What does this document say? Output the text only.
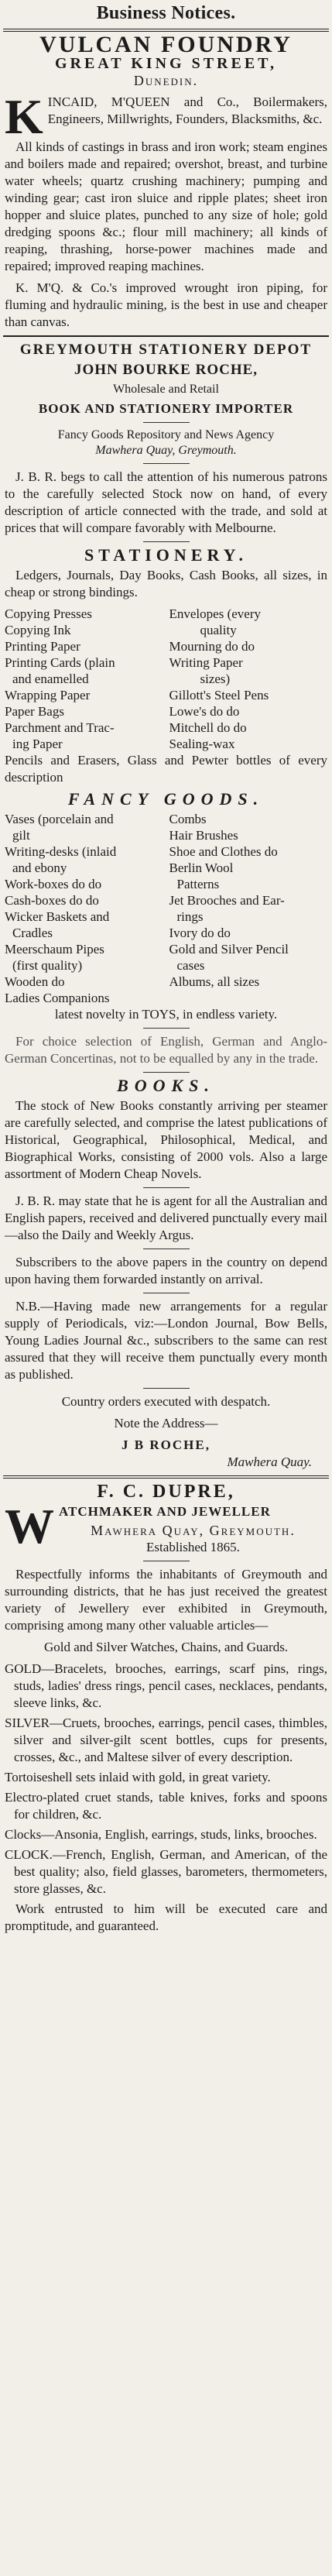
Business Notices.
VULCAN FOUNDRY
GREAT KING STREET,
Dunedin.

K INCAID, M'QUEEN and Co., Boilermakers, Engineers, Millwrights, Founders, Blacksmiths, &c.

All kinds of castings in brass and iron work; steam engines and boilers made and repaired; overshot, breast, and turbine water wheels; quartz crushing machinery; pumping and winding gear; cast iron sluice and ripple plates; sheet iron hopper and sluice plates, punched to any size of hole; gold dredging spoons &c.; flour mill machinery; all kinds of reaping, thrashing, horse-power machines made and repaired; improved reaping machines.

K. M'Q. & Co.'s improved wrought iron piping, for fluming and hydraulic mining, is the best in use and cheaper than canvas.

GREYMOUTH STATIONERY DEPOT
JOHN BOURKE ROCHE,
Wholesale and Retail
BOOK AND STATIONERY IMPORTER
Fancy Goods Repository and News Agency
Mawhera Quay, Greymouth.

J. B. R. begs to call the attention of his numerous patrons to the carefully selected Stock now on hand, of every description of article connected with the trade, and sold at prices that will compare favorably with Melbourne.

STATIONERY.

Ledgers, Journals, Day Books, Cash Books, all sizes, in cheap or strong bindings.

Copying Presses	Envelopes (every
Copying Ink	quality
Printing Paper	Mourning do do
Printing Cards (plain	Writing Paper
and enamelled	sizes)
Wrapping Paper	Gillott's Steel Pens
Paper Bags	Lowe's do do
Parchment and Trac-	Mitchell do do
ing Paper	Sealing-wax

Pencils and Erasers, Glass and Pewter bottles of every description

FANCY GOODS.
Vases (porcelain and	Combs
gilt	Hair Brushes
Writing-desks (inlaid	Shoe and Clothes do
and ebony	Berlin Wool
Work-boxes do do	Patterns
Cash-boxes do do	Jet Brooches and Ear-
Wicker Baskets and	rings
Cradles	Ivory do do
Meerschaum Pipes	Gold and Silver Pencil
(first quality)	cases
Wooden do	Albums, all sizes
Ladies Companions

latest novelty in TOYS, in endless variety.

For choice selection of English, German and Anglo-German Concertinas, not to be equalled by any in the trade.

BOOKS.

The stock of New Books constantly arriving per steamer are carefully selected, and comprise the latest publications of Historical, Geographical, Philosophical, Medical, and Biographical Works, consisting of 2000 vols. Also a large assortment of Modern Cheap Novels.

J. B. R. may state that he is agent for all the Australian and English papers, received and delivered punctually every mail—also the Daily and Weekly Argus.

Subscribers to the above papers in the country on depend upon having them forwarded instantly on arrival.

N.B.—Having made new arrangements for a regular supply of Periodicals, viz:—London Journal, Bow Bells, Young Ladies Journal &c., subscribers to the same can rest assured that they will receive them punctually every month as published.

Country orders executed with despatch.

Note the Address—

J B ROCHE,
Mawhera Quay.
F. C. DUPRE,

W ATCHMAKER AND JEWELLER

Mawhera Quay, Greymouth.
Established 1865.

Respectfully informs the inhabitants of Greymouth and surrounding districts, that he has just received the greatest variety of Jewellery ever exhibited in Greymouth, comprising among many other valuable articles—

Gold and Silver Watches, Chains, and Guards.

GOLD—Bracelets, brooches, earrings, scarf pins, rings, studs, ladies' dress rings, pencil cases, necklaces, pendants, sleeve links, &c.

SILVER—Cruets, brooches, earrings, pencil cases, thimbles, silver and silver-gilt scent bottles, cups for presents, crosses, &c., and Maltese silver of every description.

Tortoiseshell sets inlaid with gold, in great variety.

Electro-plated cruet stands, table knives, forks and spoons for children, &c.

Clocks—Ansonia, English, earrings, studs, links, brooches.

CLOCK.—French, English, German, and American, of the best quality; also, field glasses, barometers, thermometers, store glasses, &c.

Work entrusted to him will be executed care and promptitude, and guaranteed.
